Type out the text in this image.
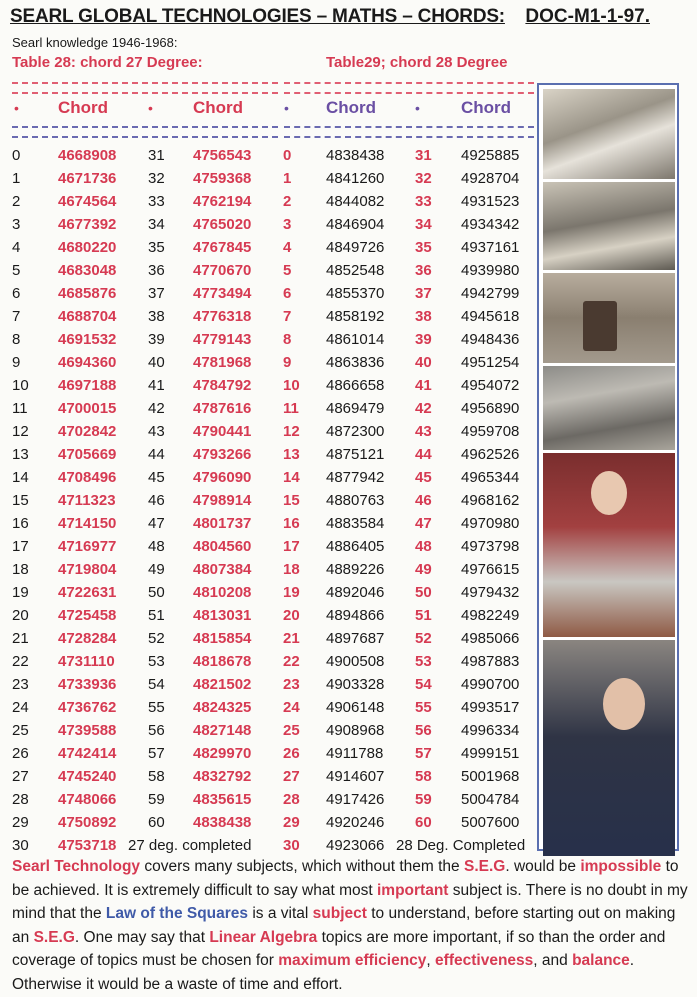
SEARL GLOBAL TECHNOLOGIES – MATHS – CHORDS: DOC-M1-1-97.
Searl knowledge 1946-1968:
Table 28: chord 27 Degree:	Table29; chord 28 Degree
• Chord	• Chord	• Chord	• Chord
0	4668908 31 4756543 0 4838438 31 4925885
1	4671736 32 4759368 1 4841260 32 4928704
2	4674564 33 4762194 2 4844082 33 4931523
3	4677392 34 4765020 3 4846904 34 4934342
4	4680220 35 4767845 4 4849726 35 4937161
5	4683048 36 4770670 5 4852548 36 4939980
6	4685876 37 4773494 6 4855370 37 4942799
7	4688704 38 4776318 7 4858192 38 4945618
8	4691532 39 4779143 8 4861014 39 4948436
9	4694360 40 4781968 9 4863836 40 4951254
10 4697188 41 4784792 10 4866658 41 4954072
11 4700015 42 4787616 11 4869479 42 4956890
12 4702842 43 4790441 12 4872300 43 4959708
13 4705669 44 4793266 13 4875121 44 4962526
14 4708496 45 4796090 14 4877942 45 4965344
15 4711323 46 4798914 15 4880763 46 4968162
16 4714150 47 4801737 16 4883584 47 4970980
17 4716977 48 4804560 17 4886405 48 4973798
18 4719804 49 4807384 18 4889226 49 4976615
19 4722631 50 4810208 19 4892046 50 4979432
20 4725458 51 4813031 20 4894866 51 4982249
21 4728284 52 4815854 21 4897687 52 4985066
22 4731110 53 4818678 22 4900508 53 4987883
23 4733936 54 4821502 23 4903328 54 4990700
24 4736762 55 4824325 24 4906148 55 4993517
25 4739588 56 4827148 25 4908968 56 4996334
26 4742414 57 4829970 26 4911788 57 4999151
27 4745240 58 4832792 27 4914607 58 5001968
28 4748066 59 4835615 28 4917426 59 5004784
29 4750892 60 4838438 29 4920246 60 5007600
30 4753718 27 deg. completed 30 4923066 28 Deg. Completed
Searl Technology covers many subjects, which without them the S.E.G. would be impossible to be achieved. It is extremely difficult to say what most important subject is. There is no doubt in my mind that the Law of the Squares is a vital subject to understand, before starting out on making an S.E.G. One may say that Linear Algebra topics are more important, if so than the order and coverage of topics must be chosen for maximum efficiency, effectiveness, and balance. Otherwise it would be a waste of time and effort.
